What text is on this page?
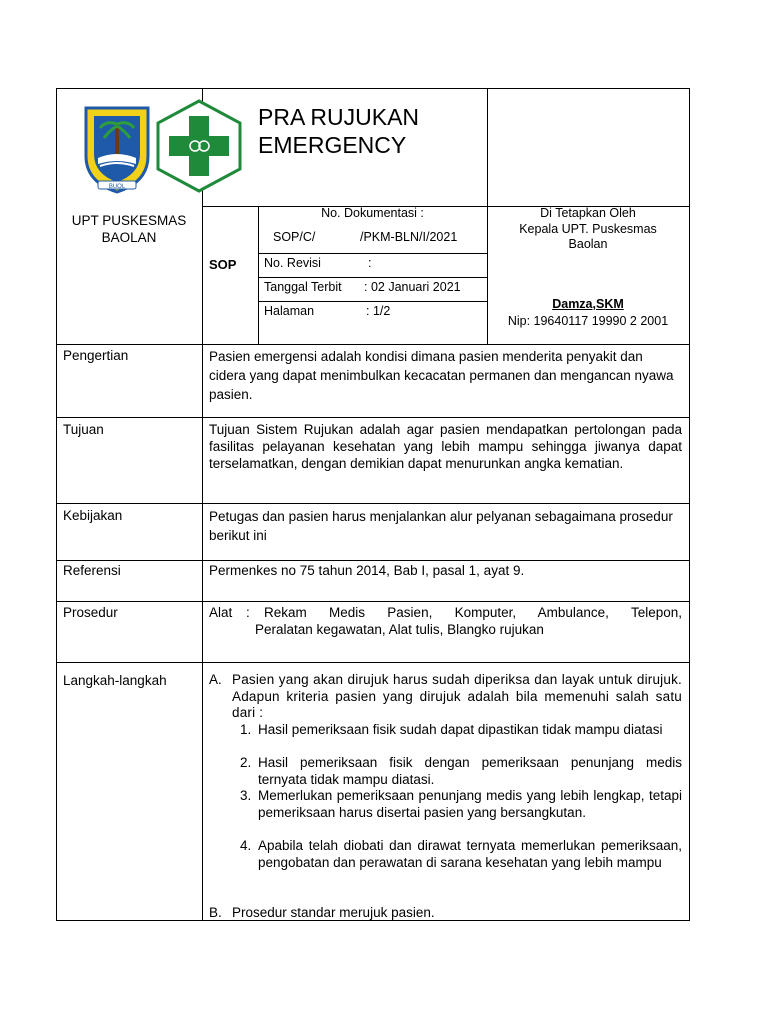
BUOL
PRA RUJUKAN
EMERGENCY
UPT PUSKESMAS
BAOLAN
SOP
No. Dokumentasi :
SOP/C/	/PKM-BLN/I/2021
No. Revisi	:
Tanggal Terbit : 02 Januari 2021
Halaman	: 1/2
Di Tetapkan Oleh
Kepala UPT. Puskesmas
Baolan
Damza,SKM
Nip: 19640117 19990 2 2001
Pengertian	Pasien emergensi adalah kondisi dimana pasien menderita penyakit dan cidera yang dapat menimbulkan kecacatan permanen dan mengancan nyawa pasien.
Tujuan	Tujuan Sistem Rujukan adalah agar pasien mendapatkan pertolongan pada fasilitas pelayanan kesehatan yang lebih mampu sehingga jiwanya dapat terselamatkan, dengan demikian dapat menurunkan angka kematian.
Kebijakan	Petugas dan pasien harus menjalankan alur pelyanan sebagaimana prosedur berikut ini
Referensi	Permenkes no 75 tahun 2014, Bab I, pasal 1, ayat 9.
Prosedur	Alat : Rekam Medis Pasien, Komputer, Ambulance, Telepon,
Peralatan kegawatan, Alat tulis, Blangko rujukan
Langkah-langkah	A. Pasien yang akan dirujuk harus sudah diperiksa dan layak untuk dirujuk. Adapun kriteria pasien yang dirujuk adalah bila memenuhi salah satu dari :
1. Hasil pemeriksaan fisik sudah dapat dipastikan tidak mampu diatasi
2. Hasil pemeriksaan fisik dengan pemeriksaan penunjang medis ternyata tidak mampu diatasi.
3. Memerlukan pemeriksaan penunjang medis yang lebih lengkap, tetapi pemeriksaan harus disertai pasien yang bersangkutan.
4. Apabila telah diobati dan dirawat ternyata memerlukan pemeriksaan, pengobatan dan perawatan di sarana kesehatan yang lebih mampu
B. Prosedur standar merujuk pasien.
